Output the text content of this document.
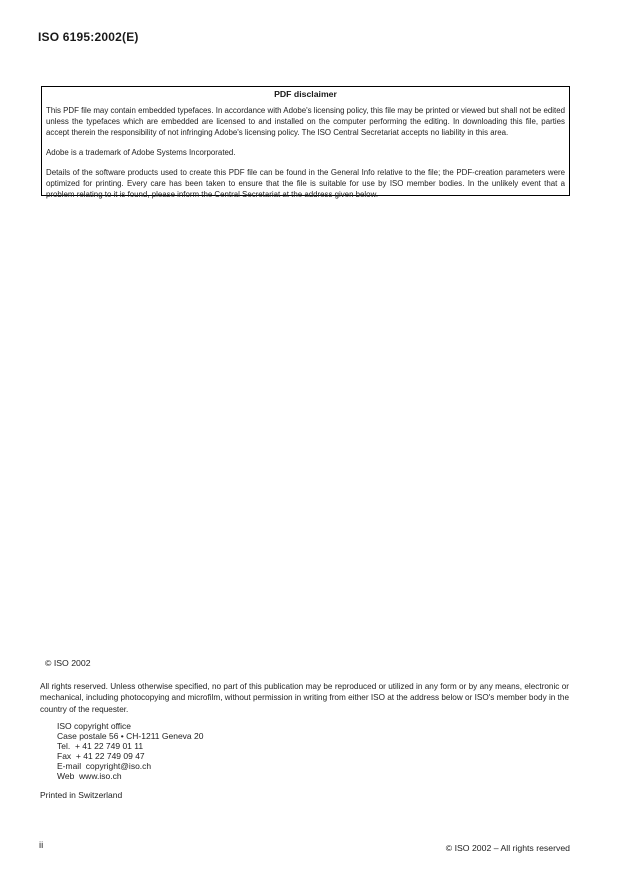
ISO 6195:2002(E)
PDF disclaimer

This PDF file may contain embedded typefaces. In accordance with Adobe's licensing policy, this file may be printed or viewed but shall not be edited unless the typefaces which are embedded are licensed to and installed on the computer performing the editing. In downloading this file, parties accept therein the responsibility of not infringing Adobe's licensing policy. The ISO Central Secretariat accepts no liability in this area.

Adobe is a trademark of Adobe Systems Incorporated.

Details of the software products used to create this PDF file can be found in the General Info relative to the file; the PDF-creation parameters were optimized for printing. Every care has been taken to ensure that the file is suitable for use by ISO member bodies. In the unlikely event that a problem relating to it is found, please inform the Central Secretariat at the address given below.

© ISO 2002

All rights reserved. Unless otherwise specified, no part of this publication may be reproduced or utilized in any form or by any means, electronic or mechanical, including photocopying and microfilm, without permission in writing from either ISO at the address below or ISO's member body in the country of the requester.

ISO copyright office
Case postale 56 • CH-1211 Geneva 20
Tel.  + 41 22 749 01 11
Fax  + 41 22 749 09 47
E-mail  copyright@iso.ch
Web  www.iso.ch
Printed in Switzerland
ii	© ISO 2002 – All rights reserved
